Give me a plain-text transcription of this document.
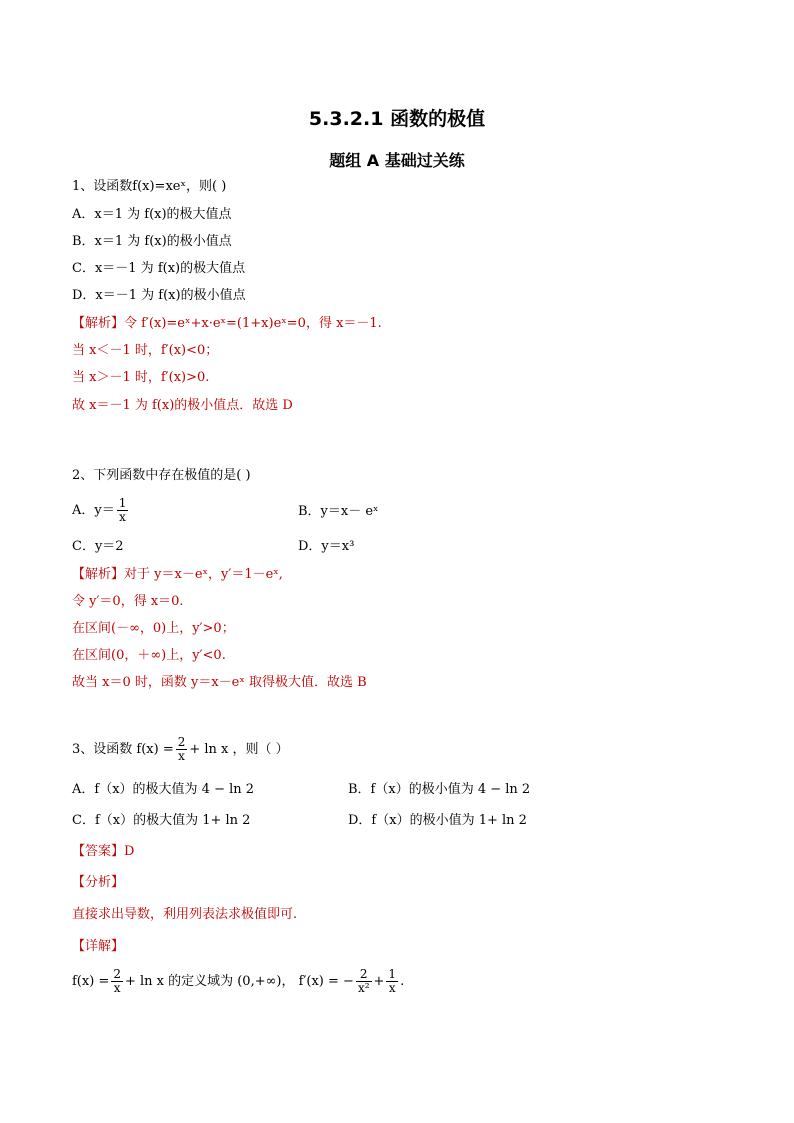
5.3.2.1 函数的极值
题组 A 基础过关练
1、设函数f(x)=xeˣ，则( )
A．x＝1 为 f(x)的极大值点
B．x＝1 为 f(x)的极小值点
C．x＝－1 为 f(x)的极大值点
D．x＝－1 为 f(x)的极小值点
【解析】令 f′(x)=eˣ+x·eˣ=(1+x)eˣ=0，得 x＝－1.
当 x＜－1 时，f′(x)<0；
当 x＞－1 时，f′(x)>0.
故 x＝－1 为 f(x)的极小值点．故选 D
2、下列函数中存在极值的是( )
A．$y= \frac{1}{x}$	B．y＝x－ eˣ
C．y＝2	D．y＝x³
【解析】对于 y＝x－eˣ，y′＝1－eˣ,
令 y′＝0，得 x＝0.
在区间(－∞，0)上，y′>0；
在区间(0，＋∞)上，y′<0.
故当 x＝0 时，函数 y＝x－eˣ 取得极大值．故选 B
3、设函数 $f(x) = \frac{2}{x} + \ln x$ ，则（ ）
A．f（x）的极大值为 4 − ln 2	B．f（x）的极小值为 4 − ln 2
C．f（x）的极大值为 1+ ln 2	D．f（x）的极小值为 1+ ln 2
【答案】D
【分析】
直接求出导数，利用列表法求极值即可.
【详解】
$f(x) = \frac{2}{x} + \ln x$ 的定义域为 (0,+∞)， f′(x) = − $\frac{2}{\text{x²}} + \frac{1}{x}$ .
